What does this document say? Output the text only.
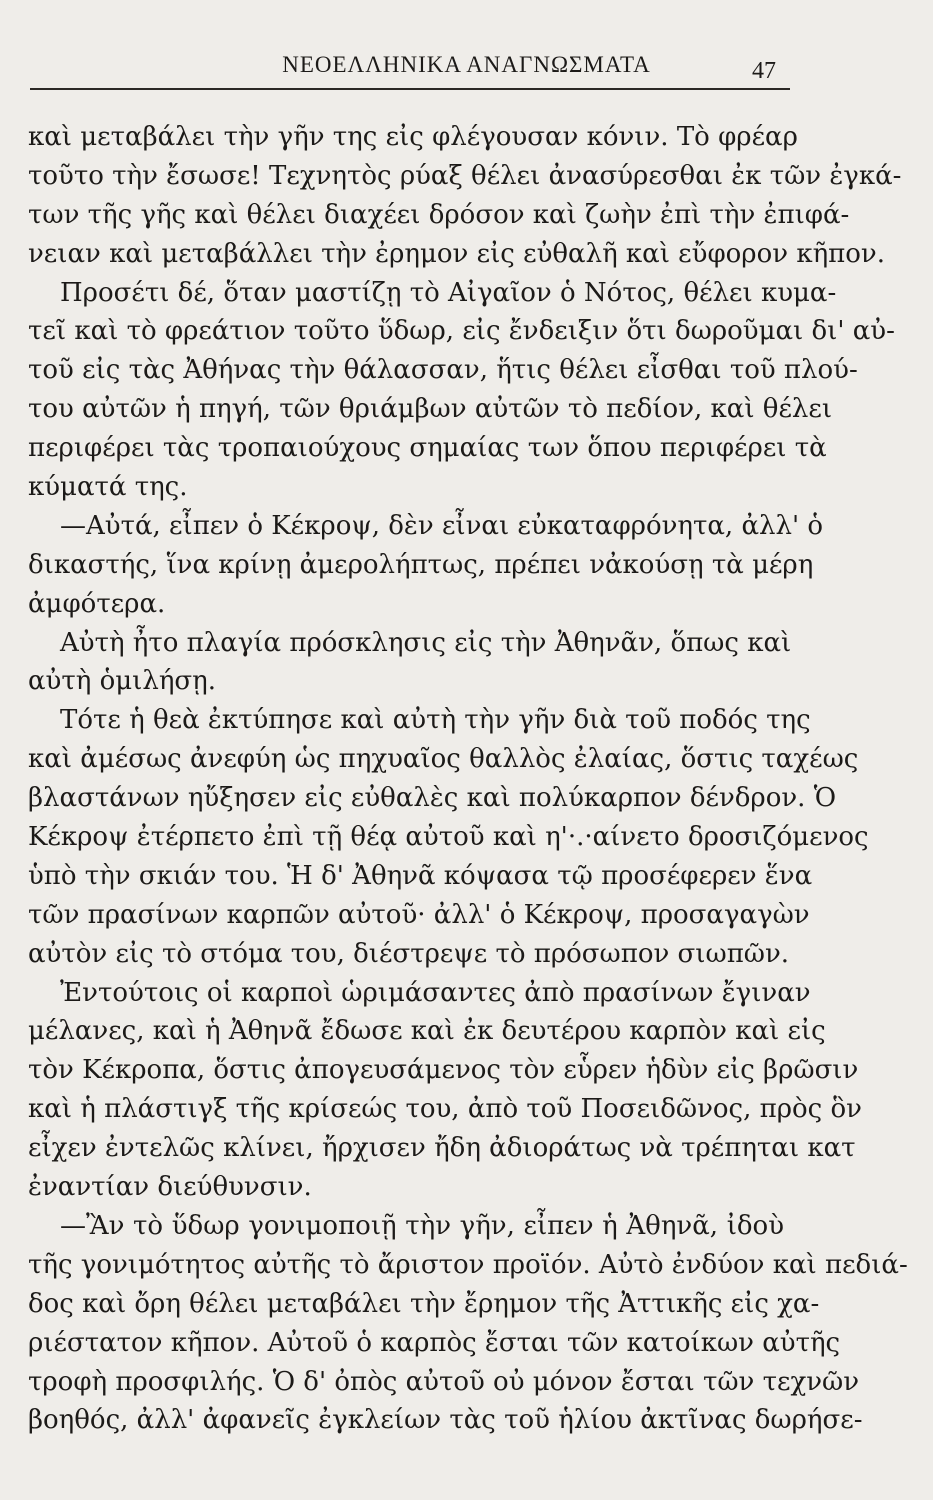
ΝΕΟΕΛΛΗΝΙΚΑ ΑΝΑΓΝΩΣΜΑΤΑ	47
καὶ μεταβάλει τὴν γῆν της εἰς φλέγουσαν κόνιν. Τὸ φρέαρ
τοῦτο τὴν ἔσωσε! Τεχνητὸς ρύαξ θέλει ἀνασύρεσθαι ἐκ τῶν ἐγκά-
των τῆς γῆς καὶ θέλει διαχέει δρόσον καὶ ζωὴν ἐπὶ τὴν ἐπιφά-
νειαν καὶ μεταβάλλει τὴν ἐρημον εἰς εὐθαλῆ καὶ εὔφορον κῆπον.
Προσέτι δέ, ὅταν μαστίζῃ τὸ Αἰγαῖον ὁ Νότος, θέλει κυμα-
τεῖ καὶ τὸ φρεάτιον τοῦτο ὕδωρ, εἰς ἔνδειξιν ὅτι δωροῦμαι δι' αὐ-
τοῦ εἰς τὰς Ἀθήνας τὴν θάλασσαν, ἥτις θέλει εἶσθαι τοῦ πλού-
του αὐτῶν ἡ πηγή, τῶν θριάμβων αὐτῶν τὸ πεδίον, καὶ θέλει
περιφέρει τὰς τροπαιούχους σημαίας των ὅπου περιφέρει τὰ
κύματά της.
—Αὐτά, εἶπεν ὁ Κέκροψ, δὲν εἶναι εὐκαταφρόνητα, ἀλλ' ὁ
δικαστής, ἵνα κρίνῃ ἀμερολήπτως, πρέπει νἀκούσῃ τὰ μέρη
ἀμφότερα.
Αὐτὴ ἦτο πλαγία πρόσκλησις εἰς τὴν Ἀθηνᾶν, ὅπως καὶ
αὐτὴ ὁμιλήσῃ.
Τότε ἡ θεὰ ἐκτύπησε καὶ αὐτὴ τὴν γῆν διὰ τοῦ ποδός της
καὶ ἀμέσως ἀνεφύη ὡς πηχυαῖος θαλλὸς ἐλαίας, ὅστις ταχέως
βλαστάνων ηὔξησεν εἰς εὐθαλὲς καὶ πολύκαρπον δένδρον. Ὁ
Κέκροψ ἐτέρπετο ἐπὶ τῇ θέᾳ αὐτοῦ καὶ η'·.·αίνετο δροσιζόμενος
ὑπὸ τὴν σκιάν του. Ἡ δ' Ἀθηνᾶ κόψασα τῷ προσέφερεν ἕνα
τῶν πρασίνων καρπῶν αὐτοῦ· ἀλλ' ὁ Κέκροψ, προσαγαγὼν
αὐτὸν εἰς τὸ στόμα του, διέστρεψε τὸ πρόσωπον σιωπῶν.
Ἐντούτοις οἱ καρποὶ ὡριμάσαντες ἀπὸ πρασίνων ἔγιναν
μέλανες, καὶ ἡ Ἀθηνᾶ ἔδωσε καὶ ἐκ δευτέρου καρπὸν καὶ εἰς
τὸν Κέκροπα, ὅστις ἀπογευσάμενος τὸν εὗρεν ἡδὺν εἰς βρῶσιν
καὶ ἡ πλάστιγξ τῆς κρίσεώς του, ἀπὸ τοῦ Ποσειδῶνος, πρὸς ὃν
εἶχεν ἐντελῶς κλίνει, ἤρχισεν ἤδη ἀδιοράτως νὰ τρέπηται κατ
ἐναντίαν διεύθυνσιν.
—Ἂν τὸ ὕδωρ γονιμοποιῇ τὴν γῆν, εἶπεν ἡ Ἀθηνᾶ, ἰδοὺ
τῆς γονιμότητος αὐτῆς τὸ ἄριστον προϊόν. Αὐτὸ ἐνδύον καὶ πεδιά-
δος καὶ ὄρη θέλει μεταβάλει τὴν ἔρημον τῆς Ἀττικῆς εἰς χα-
ριέστατον κῆπον. Αὐτοῦ ὁ καρπὸς ἔσται τῶν κατοίκων αὐτῆς
τροφὴ προσφιλής. Ὁ δ' ὀπὸς αὐτοῦ οὐ μόνον ἔσται τῶν τεχνῶν
βοηθός, ἀλλ' ἀφανεῖς ἐγκλείων τὰς τοῦ ἡλίου ἀκτῖνας δωρήσε-
